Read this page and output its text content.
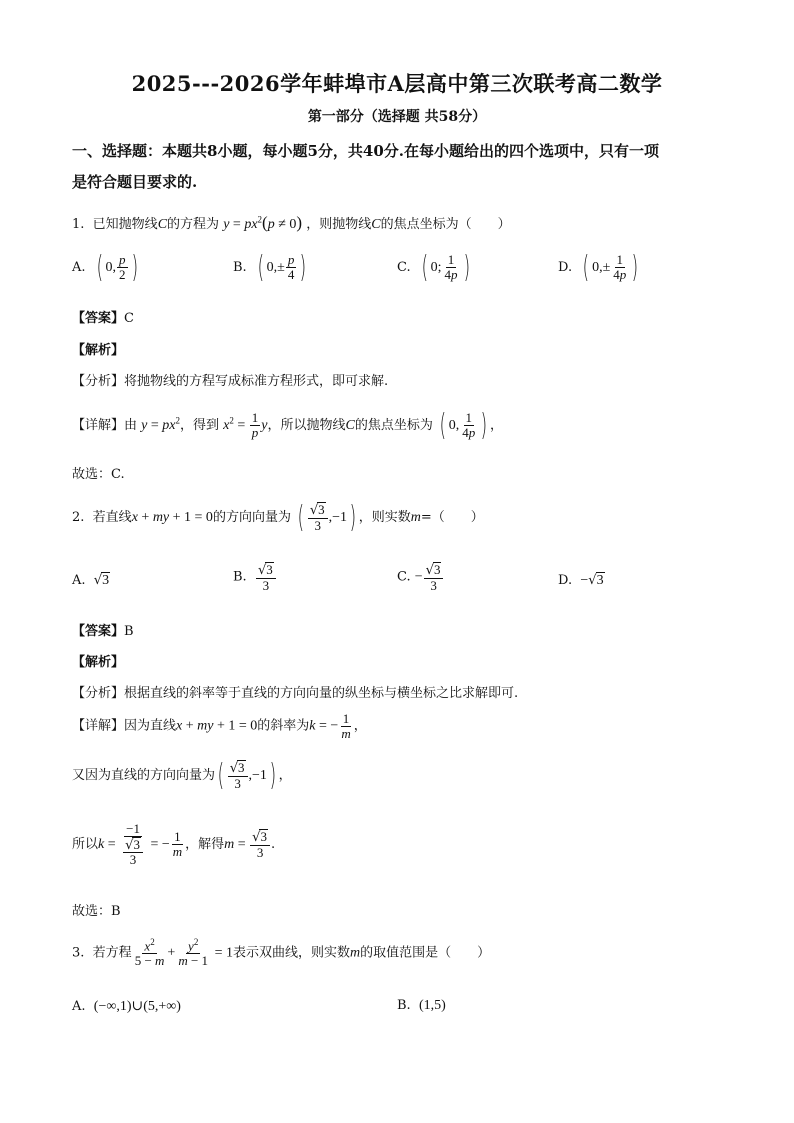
2025---2026学年蚌埠市A层高中第三次联考高二数学
第一部分（选择题 共58分）
一、选择题：本题共8小题，每小题5分，共40分.在每小题给出的四个选项中，只有一项
是符合题目要求的.
1. 已知抛物线C的方程为 $y = px^2(p \ne 0)$ ，则抛物线C的焦点坐标为（　　）
A. ( 0, $\frac{p}{2}$ )	B. ( $0,\pm \frac{p}{4}$ )	C. ( 0; $\frac{1}{4p}$ )	D. ( $0,\pm \frac{1}{4p}$ )
【答案】C
【解析】
【分析】将抛物线的方程写成标准方程形式，即可求解.
【详解】由 $y = px^2$，得到 $x^2 = \frac{1}{p}$ y，所以抛物线C的焦点坐标为 ( 0, $\frac{1}{4p}$ ) ，
故选：C.
2. 若直线x + my + 1 = 0的方向向量为 ( $\frac{√3}{3} ,-1$) ，则实数m=（　　）
A. √3	B. $\frac{√3}{3}$	C. − $\frac{√3}{3}$	D. −√3
【答案】B
【解析】
【分析】根据直线的斜率等于直线的方向向量的纵坐标与横坐标之比求解即可.
【详解】因为直线x + my + 1 = 0的斜率为k = − $\frac{1}{m}$ ，
又因为直线的方向向量为( $\frac{√3}{3} ,-1$) ，
所以$k = \frac{-1}{\frac{√3}{3}}$ = − $\frac{1}{m}$ ，解得$m = \frac{√3}{3}$ .
故选：B
3. 若方程 $\frac{x^2}{5 - m} + \frac{y^2}{m - 1} = 1$表示双曲线，则实数m的取值范围是（　　）
A. (−∞,1)∪(5,+∞)	B. (1,5)
